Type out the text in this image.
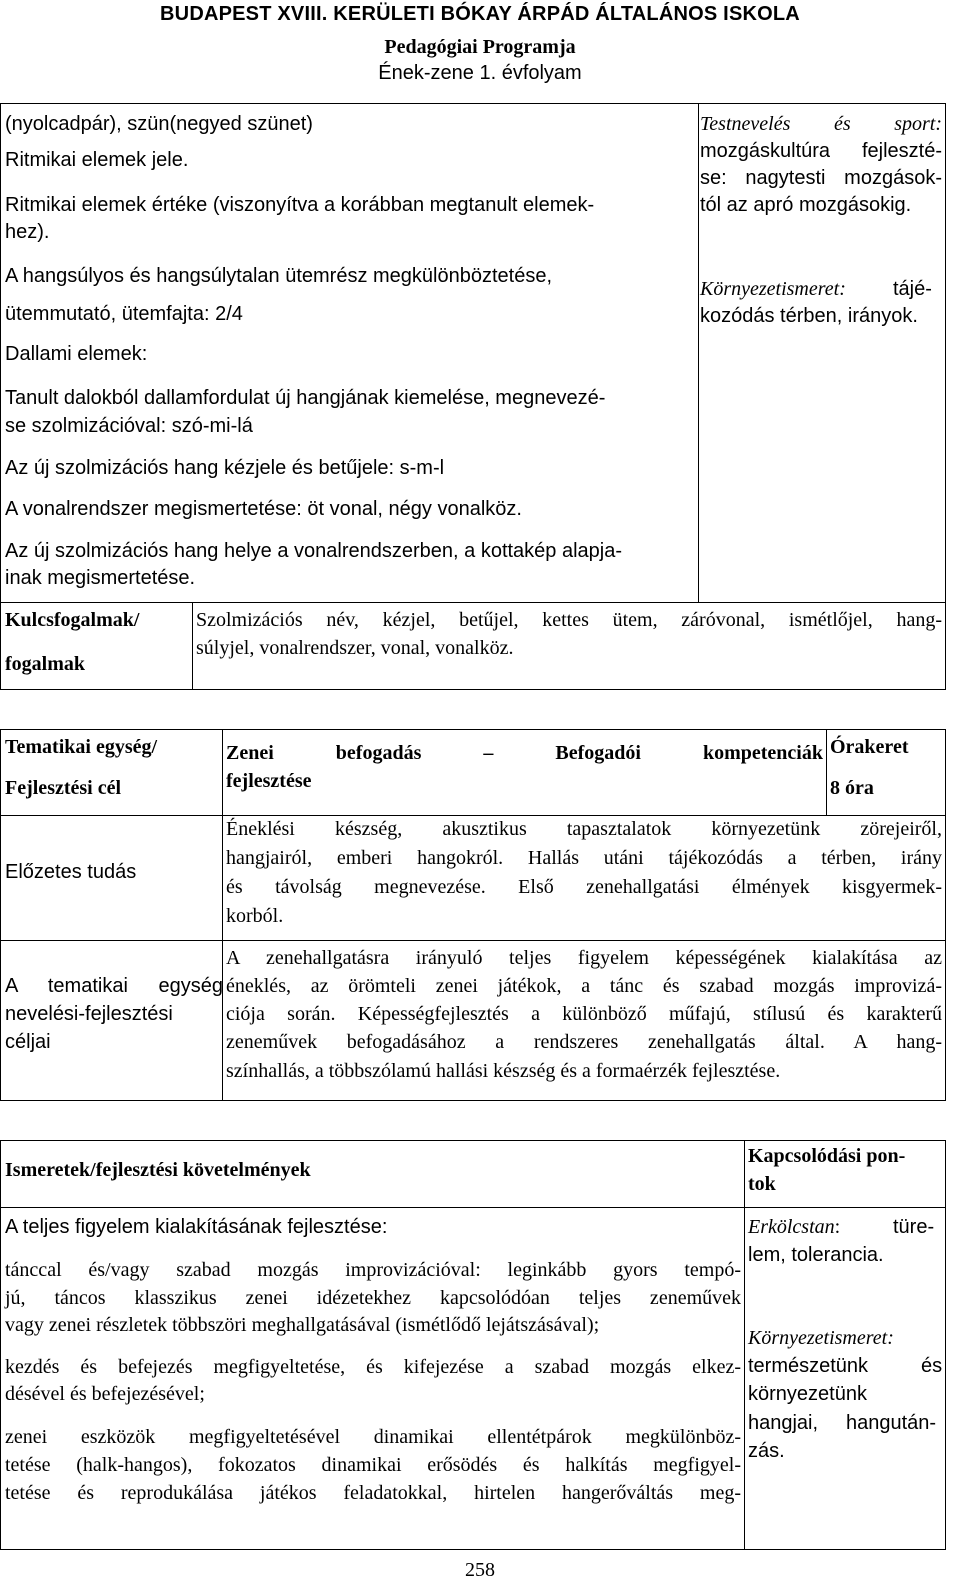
BUDAPEST XVIII. KERÜLETI BÓKAY ÁRPÁD ÁLTALÁNOS ISKOLA
Pedagógiai Programja
Ének-zene 1. évfolyam
(nyolcadpár), szün(negyed szünet)
Ritmikai elemek jele.
Ritmikai elemek értéke (viszonyítva a korábban megtanult elemek-
hez).
A hangsúlyos és hangsúlytalan ütemrész megkülönböztetése,
ütemmutató, ütemfajta: 2/4
Dallami elemek:
Tanult dalokból dallamfordulat új hangjának kiemelése, megnevezé-
se szolmizációval: szó-mi-lá
Az új szolmizációs hang kézjele és betűjele: s-m-l
A vonalrendszer megismertetése: öt vonal, négy vonalköz.
Az új szolmizációs hang helye a vonalrendszerben, a kottakép alapja-
inak megismertetése.
Testnevelés és sport:
mozgáskultúra fejleszté-
se: nagytesti mozgások-
tól az apró mozgásokig.
Környezetismeret: tájé-
kozódás térben, irányok.
Kulcsfogalmak/
fogalmak
Szolmizációs név, kézjel, betűjel, kettes ütem, záróvonal, ismétlőjel, hang-
súlyjel, vonalrendszer, vonal, vonalköz.
Tematikai egység/
Fejlesztési cél
Zenei befogadás – Befogadói kompetenciák
fejlesztése
Órakeret
8 óra
Előzetes tudás
Éneklési készség, akusztikus tapasztalatok környezetünk zörejeiről,
hangjairól, emberi hangokról. Hallás utáni tájékozódás a térben, irány
és távolság megnevezése. Első zenehallgatási élmények kisgyermek-
korból.
A tematikai egység
nevelési-fejlesztési
céljai
A zenehallgatásra irányuló teljes figyelem képességének kialakítása az
éneklés, az örömteli zenei játékok, a tánc és szabad mozgás improvizá-
ciója során. Képességfejlesztés a különböző műfajú, stílusú és karakterű
zeneművek befogadásához a rendszeres zenehallgatás által. A hang-
színhallás, a többszólamú hallási készség és a formaérzék fejlesztése.
Ismeretek/fejlesztési követelmények
Kapcsolódási pon-
tok
A teljes figyelem kialakításának fejlesztése:
tánccal és/vagy szabad mozgás improvizációval: leginkább gyors tempó-
jú, táncos klasszikus zenei idézetekhez kapcsolódóan teljes zeneművek
vagy zenei részletek többszöri meghallgatásával (ismétlődő lejátszásával);
kezdés és befejezés megfigyeltetése, és kifejezése a szabad mozgás elkez-
désével és befejezésével;
zenei eszközök megfigyeltetésével dinamikai ellentétpárok megkülönböz-
tetése (halk-hangos), fokozatos dinamikai erősödés és halkítás megfigyel-
tetése és reprodukálása játékos feladatokkal, hirtelen hangerőváltás meg-
Erkölcstan:	türe-
lem, tolerancia.
Környezetismeret:
természetünk	és
környezetünk
hangjai, hangután-
zás.
258
